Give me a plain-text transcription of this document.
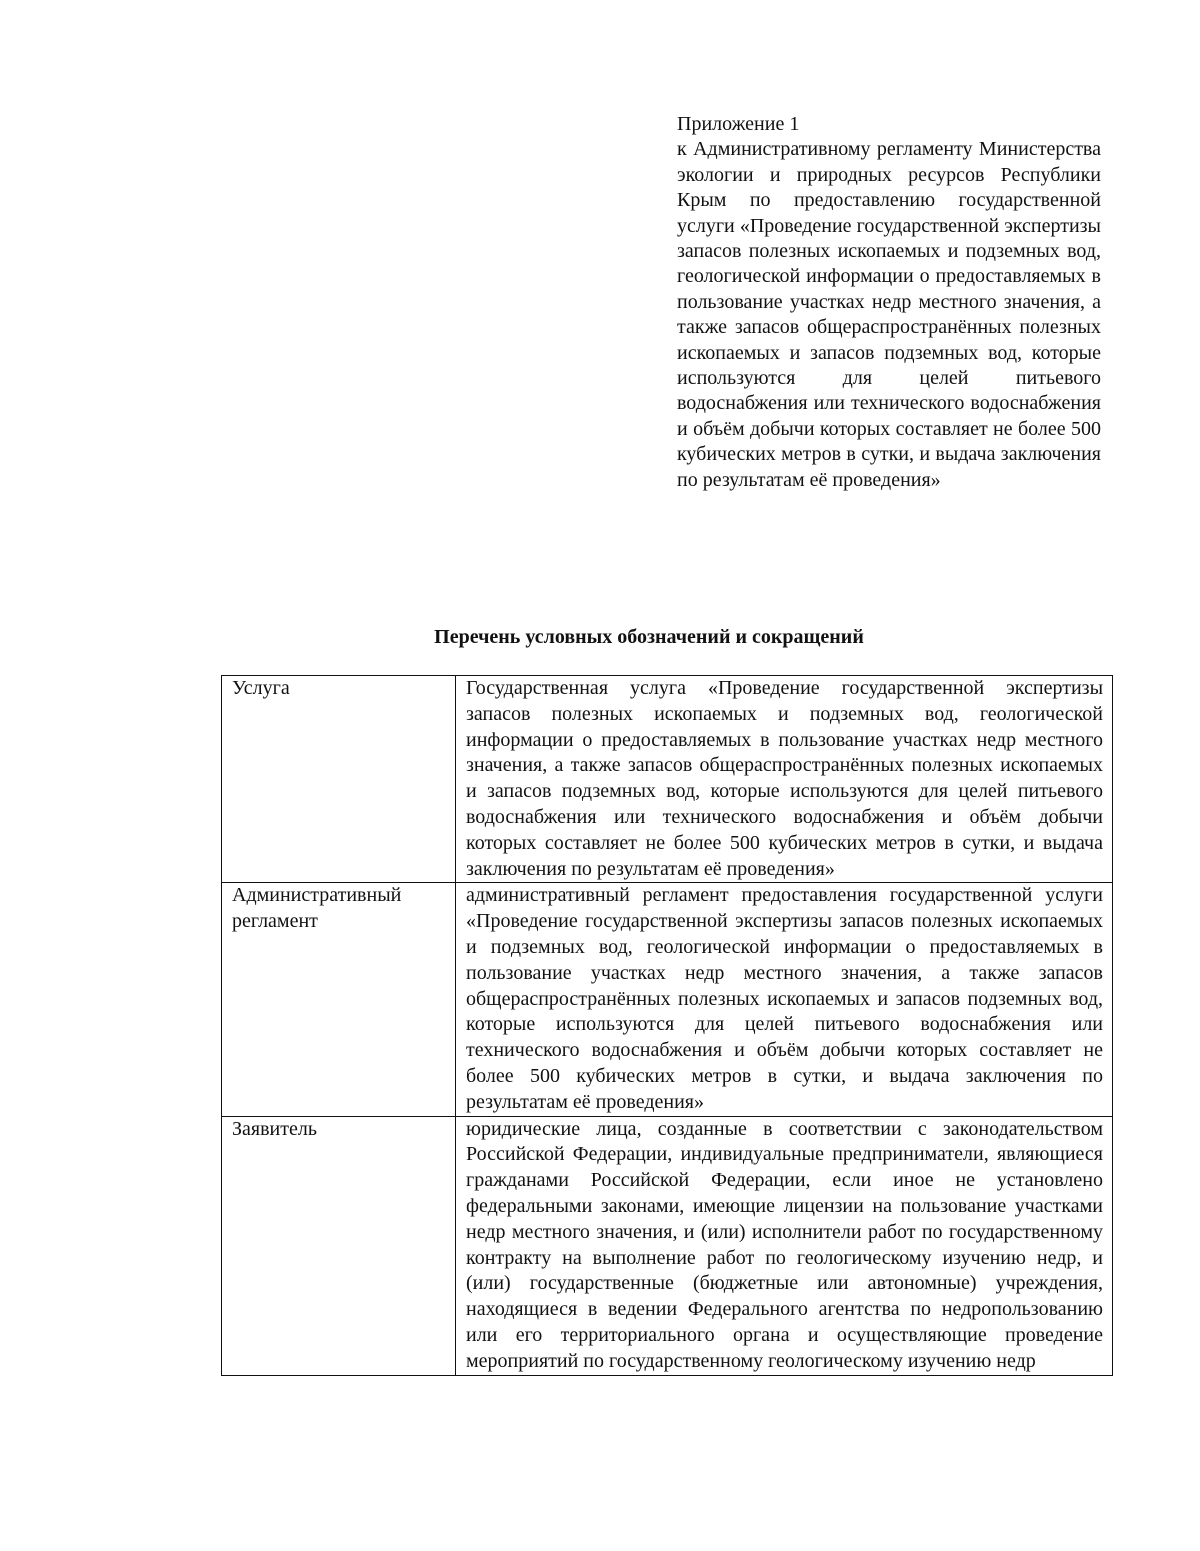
Приложение 1
к Административному регламенту Министерства экологии и природных ресурсов Республики Крым по предоставлению государственной услуги «Проведение государственной экспертизы запасов полезных ископаемых и подземных вод, геологической информации о предоставляемых в пользование участках недр местного значения, а также запасов общераспространённых полезных ископаемых и запасов подземных вод, которые используются для целей питьевого водоснабжения или технического водоснабжения и объём добычи которых составляет не более 500 кубических метров в сутки, и выдача заключения по результатам её проведения»
Перечень условных обозначений и сокращений
Услуга	Государственная услуга «Проведение государственной экспертизы запасов полезных ископаемых и подземных вод, геологической информации о предоставляемых в пользование участках недр местного значения, а также запасов общераспространённых полезных ископаемых и запасов подземных вод, которые используются для целей питьевого водоснабжения или технического водоснабжения и объём добычи которых составляет не более 500 кубических метров в сутки, и выдача заключения по результатам её проведения»
Административный регламент	административный регламент предоставления государственной услуги «Проведение государственной экспертизы запасов полезных ископаемых и подземных вод, геологической информации о предоставляемых в пользование участках недр местного значения, а также запасов общераспространённых полезных ископаемых и запасов подземных вод, которые используются для целей питьевого водоснабжения или технического водоснабжения и объём добычи которых составляет не более 500 кубических метров в сутки, и выдача заключения по результатам её проведения»
Заявитель	юридические лица, созданные в соответствии с законодательством Российской Федерации, индивидуальные предприниматели, являющиеся гражданами Российской Федерации, если иное не установлено федеральными законами, имеющие лицензии на пользование участками недр местного значения, и (или) исполнители работ по государственному контракту на выполнение работ по геологическому изучению недр, и (или) государственные (бюджетные или автономные) учреждения, находящиеся в ведении Федерального агентства по недропользованию или его территориального органа и осуществляющие проведение мероприятий по государственному геологическому изучению недр
